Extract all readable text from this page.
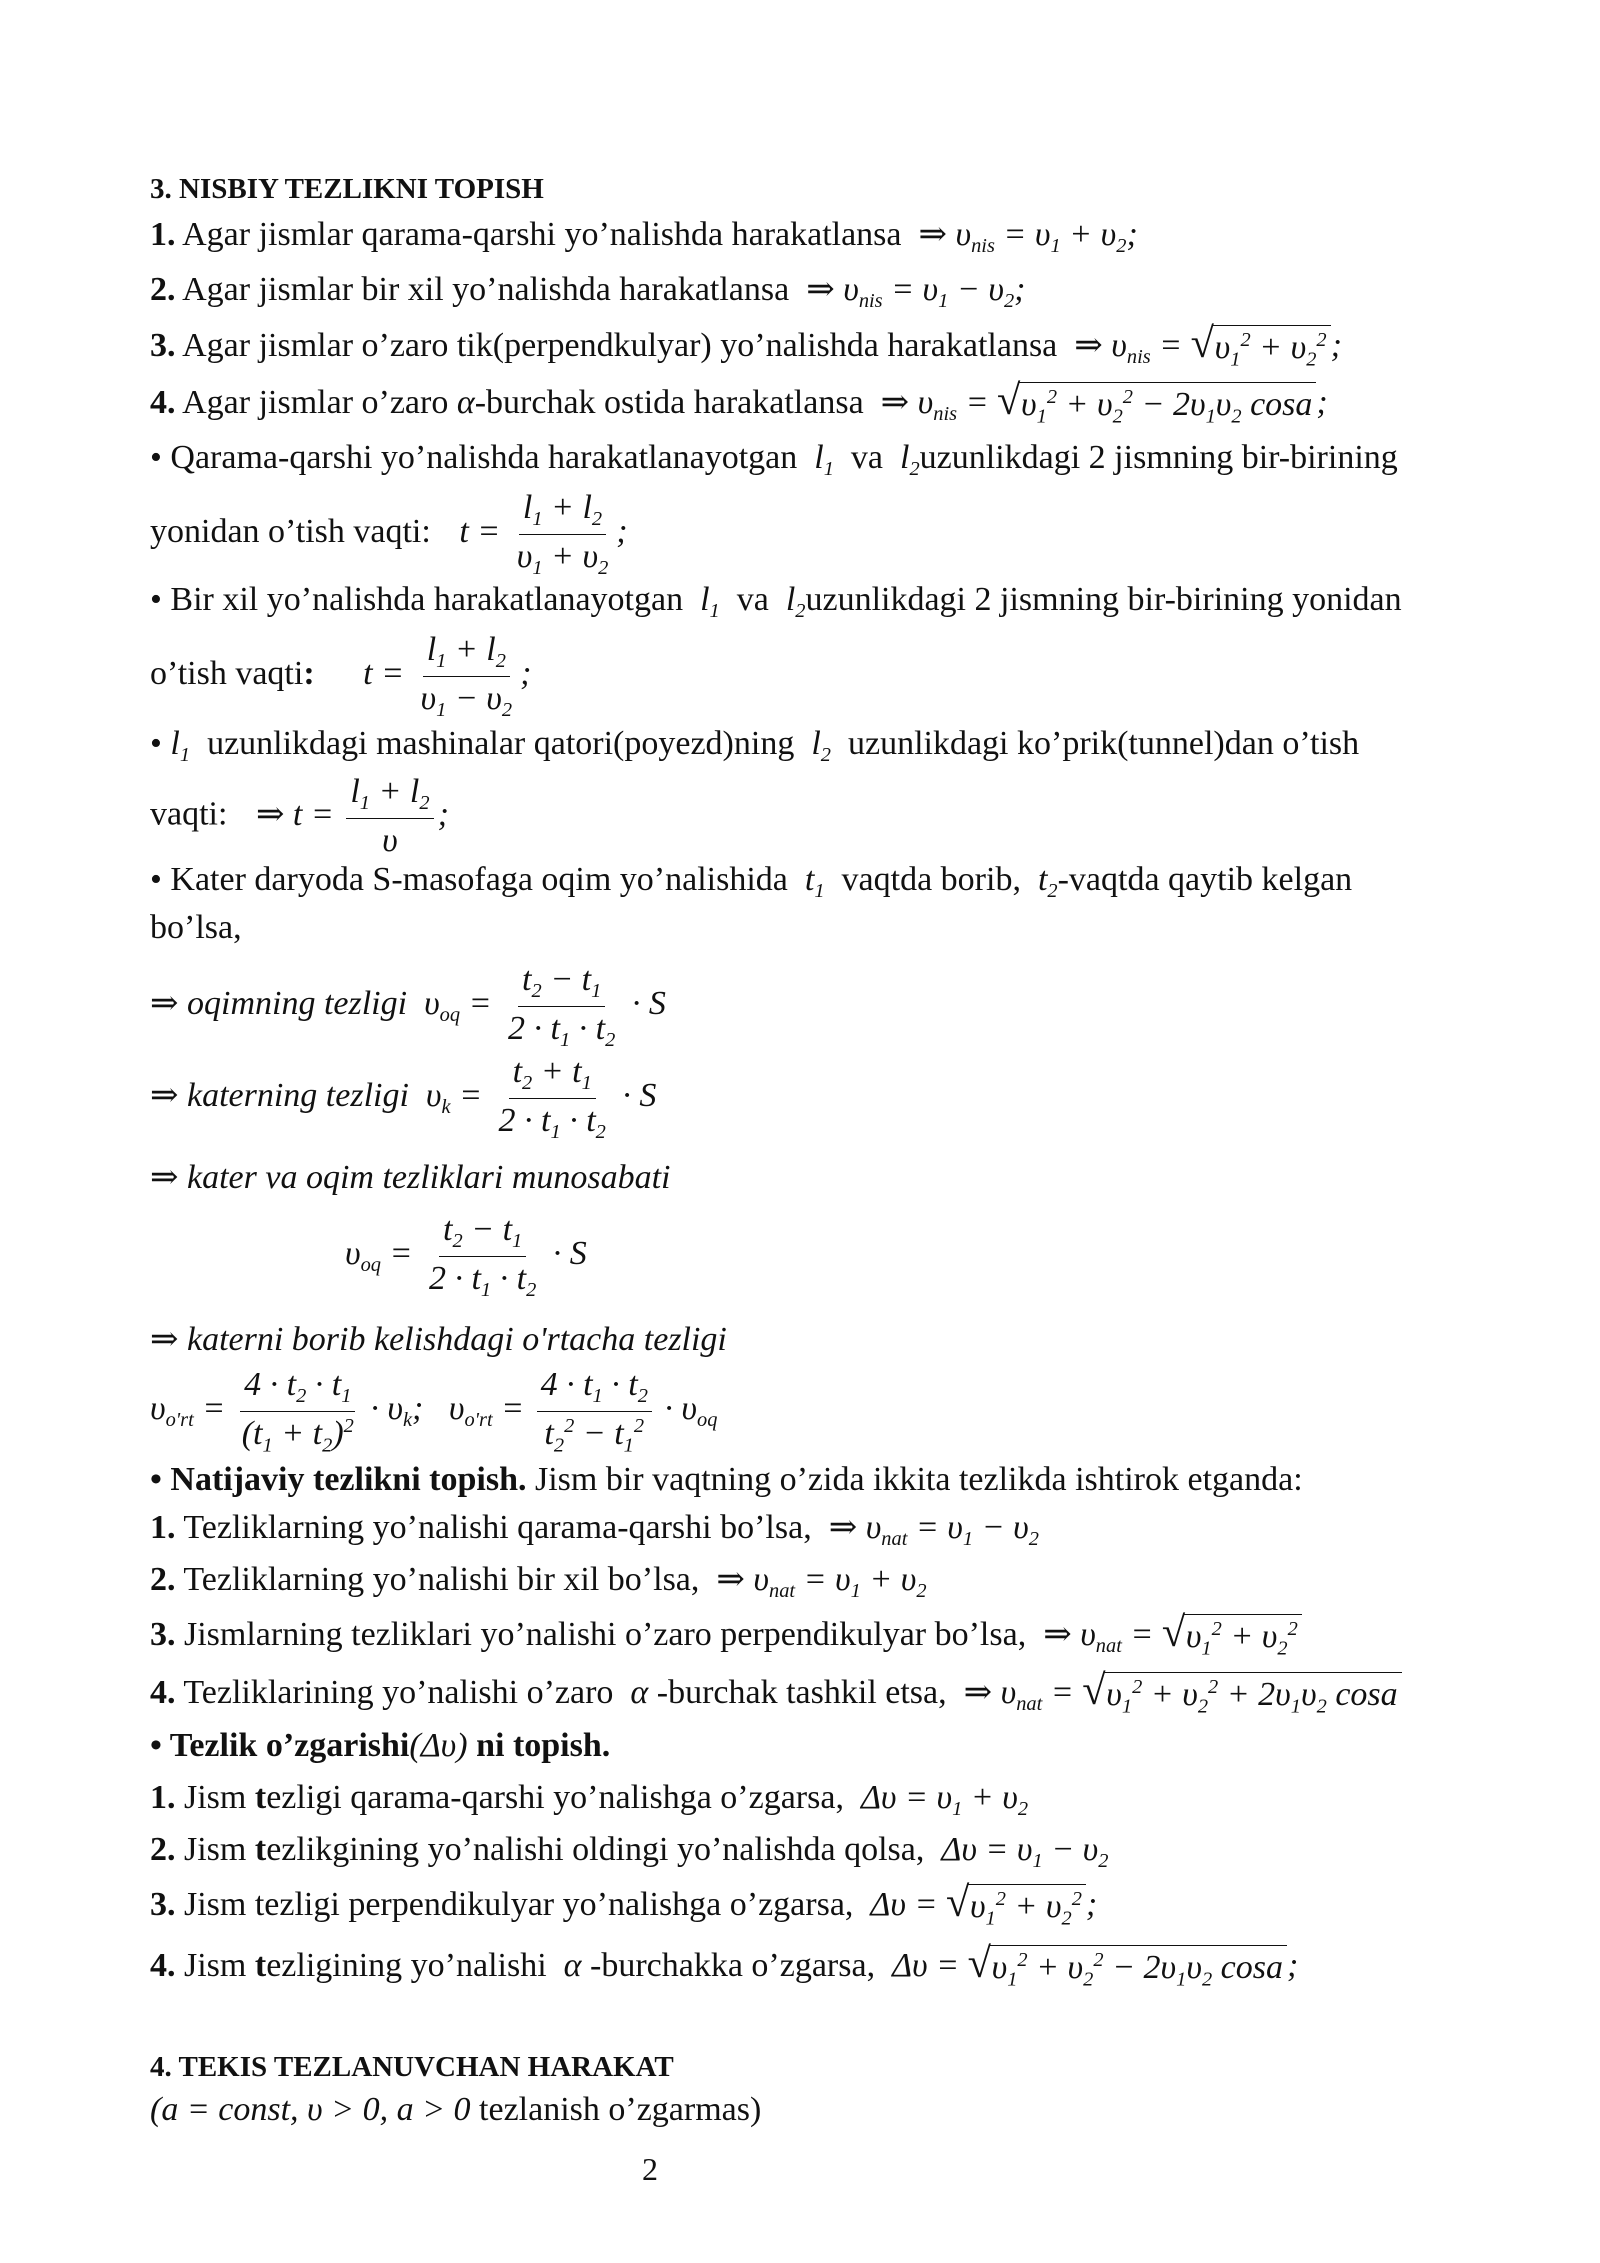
3. NISBIY TEZLIKNI TOPISH
1. Agar jismlar qarama-qarshi yo’nalishda harakatlansa  ⇒ $\upsilon_{nis} = \upsilon_1 + \upsilon_2$;
2. Agar jismlar bir xil yo’nalishda harakatlansa  ⇒ $\upsilon_{nis} = \upsilon_1 - \upsilon_2$;
3. Agar jismlar o’zaro tik(perpendkulyar) yo’nalishda harakatlansa  ⇒ $\upsilon_{nis}$ = √ $\upsilon_1^2 + \upsilon_2^2$ ;
4. Agar jismlar o’zaro α-burchak ostida harakatlansa  ⇒ $\upsilon_{nis}$ = √ $\upsilon_1^2 + \upsilon_2^2 - 2\upsilon_1\upsilon_2$ cosa ;
• Qarama-qarshi yo’nalishda harakatlanayotgan  $l_1$ va  $l_2uzunlikdagi$ 2 jismning bir-birining
yonidan o’tish vaqti: $t = \frac{l_1 + l_2}{\upsilon_1 + \upsilon_2}$ ;
• Bir xil yo’nalishda harakatlanayotgan  $l_1$ va  $l_2uzunlikdagi$ 2 jismning bir-birining yonidan
o’tish vaqti: $t = \frac{l_1 + l_2}{\upsilon_1 - \upsilon_2}$ ;
• $l_1$ uzunlikdagi mashinalar qatori(poyezd)ning  $l_2$ uzunlikdagi ko’prik(tunnel)dan o’tish
vaqti: ⇒ $t = \frac{l_1 + l_2}{\upsilon}$ ;
• Kater daryoda S-masofaga oqim yo’nalishida  $t_1$ vaqtda borib,  $t_2$-vaqtda qaytib kelgan
bo’lsa,
⇒ oqimning tezligi  $\upsilon_{oq} = \frac{t_2 - t_1}{2 \cdot t_1 \cdot t_2} \cdot S$
⇒ katerning tezligi  $\upsilon_k = \frac{t_2 + t_1}{2 \cdot t_1 \cdot t_2} \cdot S$
⇒ kater va oqim tezliklari munosabati
$\upsilon_{oq} = \frac{t_2 - t_1}{2 \cdot t_1 \cdot t_2} \cdot S$
⇒ katerni borib kelishdagi o'rtacha tezligi
$\upsilon_{o'rt} = \frac{4 \cdot t_2 \cdot t_1}{(t_1 + t_2)^2} \cdot \upsilon_k$;   $\upsilon_{o'rt} = \frac{4 \cdot t_1 \cdot t_2}{t_2^2 - t_1^2} \cdot \upsilon_{oq}$
• Natijaviy tezlikni topish. Jism bir vaqtning o’zida ikkita tezlikda ishtirok etganda:
1. Tezliklarning yo’nalishi qarama-qarshi bo’lsa,  ⇒ $\upsilon_{nat} = \upsilon_1 - \upsilon_2$
2. Tezliklarning yo’nalishi bir xil bo’lsa,  ⇒ $\upsilon_{nat} = \upsilon_1 + \upsilon_2$
3. Jismlarning tezliklari yo’nalishi o’zaro perpendikulyar bo’lsa,  ⇒ $\upsilon_{nat}$ = √ $\upsilon_1^2 + \upsilon_2^2$
4. Tezliklarining yo’nalishi o’zaro  α -burchak tashkil etsa,  ⇒ $\upsilon_{nat}$ = √ $\upsilon_1^2 + \upsilon_2^2 + 2\upsilon_1\upsilon_2$ cosa
• Tezlik o’zgarishi(Δυ) ni topish.
1. Jism tezligi qarama-qarshi yo’nalishga o’zgarsa,  $\Delta\upsilon = \upsilon_1 + \upsilon_2$
2. Jism tezlikgining yo’nalishi oldingi yo’nalishda qolsa,  $\Delta\upsilon = \upsilon_1 - \upsilon_2$
3. Jism tezligi perpendikulyar yo’nalishga o’zgarsa,  Δυ = √ $\upsilon_1^2 + \upsilon_2^2$ ;
4. Jism tezligining yo’nalishi  α -burchakka o’zgarsa,  Δυ = √ $\upsilon_1^2 + \upsilon_2^2 - 2\upsilon_1\upsilon_2$ cosa ;
4. TEKIS TEZLANUVCHAN HARAKAT
(a = const, υ > 0, a > 0 tezlanish o’zgarmas)
2
